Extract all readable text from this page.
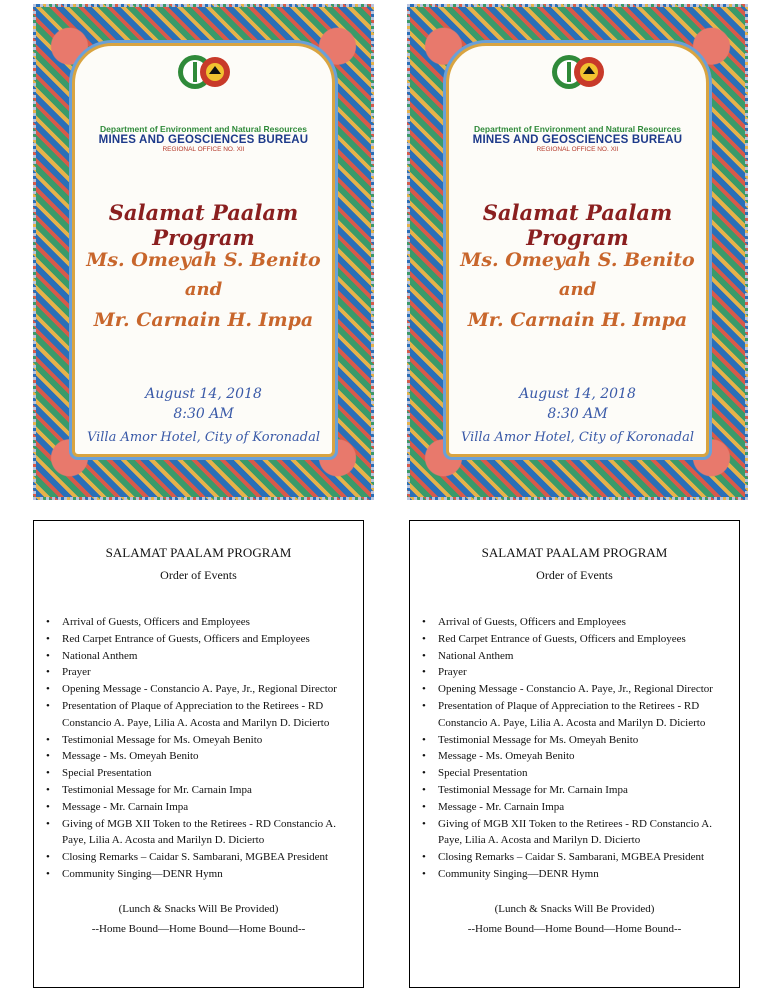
Department of Environment and Natural Resources
MINES AND GEOSCIENCES BUREAU
REGIONAL OFFICE NO. XII
Salamat Paalam Program
Ms. Omeyah S. Benito
and
Mr. Carnain H. Impa
August 14, 2018
8:30 AM
Villa Amor Hotel, City of Koronadal
Department of Environment and Natural Resources
MINES AND GEOSCIENCES BUREAU
REGIONAL OFFICE NO. XII
Salamat Paalam Program
Ms. Omeyah S. Benito
and
Mr. Carnain H. Impa
August 14, 2018
8:30 AM
Villa Amor Hotel, City of Koronadal
SALAMAT PAALAM PROGRAM
Order of Events
• Arrival of Guests, Officers and Employees
• Red Carpet Entrance of Guests, Officers and Employees
• National Anthem
• Prayer
• Opening Message - Constancio A. Paye, Jr., Regional Director
• Presentation of Plaque of Appreciation to the Retirees - RD Constancio A. Paye, Lilia A. Acosta and Marilyn D. Dicierto
• Testimonial Message for Ms. Omeyah Benito
• Message - Ms. Omeyah Benito
• Special Presentation
• Testimonial Message for Mr. Carnain Impa
• Message - Mr. Carnain Impa
• Giving of MGB XII Token to the Retirees - RD Constancio A. Paye, Lilia A. Acosta and Marilyn D. Dicierto
• Closing Remarks – Caidar S. Sambarani, MGBEA President
• Community Singing—DENR Hymn
(Lunch & Snacks Will Be Provided)
--Home Bound—Home Bound—Home Bound--
SALAMAT PAALAM PROGRAM
Order of Events
• Arrival of Guests, Officers and Employees
• Red Carpet Entrance of Guests, Officers and Employees
• National Anthem
• Prayer
• Opening Message - Constancio A. Paye, Jr., Regional Director
• Presentation of Plaque of Appreciation to the Retirees - RD Constancio A. Paye, Lilia A. Acosta and Marilyn D. Dicierto
• Testimonial Message for Ms. Omeyah Benito
• Message - Ms. Omeyah Benito
• Special Presentation
• Testimonial Message for Mr. Carnain Impa
• Message - Mr. Carnain Impa
• Giving of MGB XII Token to the Retirees - RD Constancio A. Paye, Lilia A. Acosta and Marilyn D. Dicierto
• Closing Remarks – Caidar S. Sambarani, MGBEA President
• Community Singing—DENR Hymn
(Lunch & Snacks Will Be Provided)
--Home Bound—Home Bound—Home Bound--
